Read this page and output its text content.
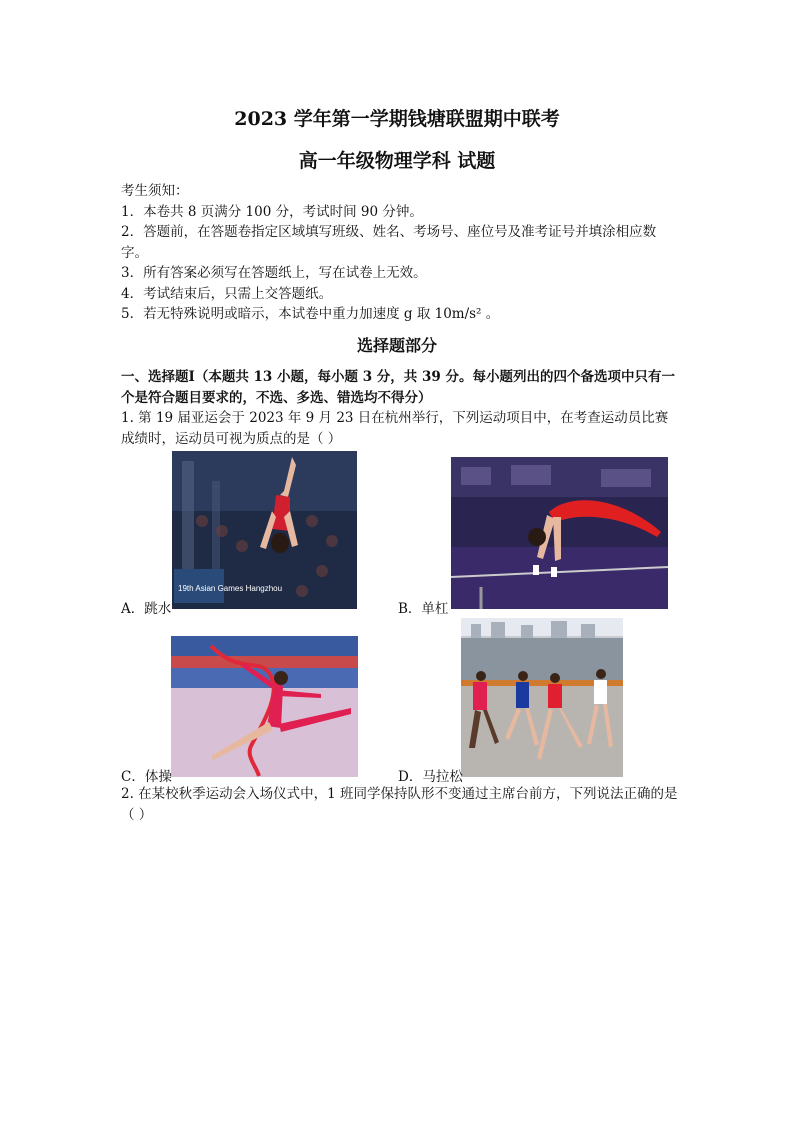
2023 学年第一学期钱塘联盟期中联考
高一年级物理学科 试题
考生须知：
1．本卷共 8 页满分 100 分，考试时间 90 分钟。
2．答题前，在答题卷指定区域填写班级、姓名、考场号、座位号及准考证号并填涂相应数字。
3．所有答案必须写在答题纸上，写在试卷上无效。
4．考试结束后，只需上交答题纸。
5．若无特殊说明或暗示，本试卷中重力加速度 g 取 10m/s² 。
选择题部分
一、选择题Ⅰ（本题共 13 小题，每小题 3 分，共 39 分。每小题列出的四个备选项中只有一个是符合题目要求的，不选、多选、错选均不得分）
1. 第 19 届亚运会于 2023 年 9 月 23 日在杭州举行，下列运动项目中，在考查运动员比赛成绩时，运动员可视为质点的是（ ）
19th Asian Games Hangzhou
A．跳水	B．单杠
C．体操	D．马拉松
2. 在某校秋季运动会入场仪式中，1 班同学保持队形不变通过主席台前方，下列说法正确的是（ ）
